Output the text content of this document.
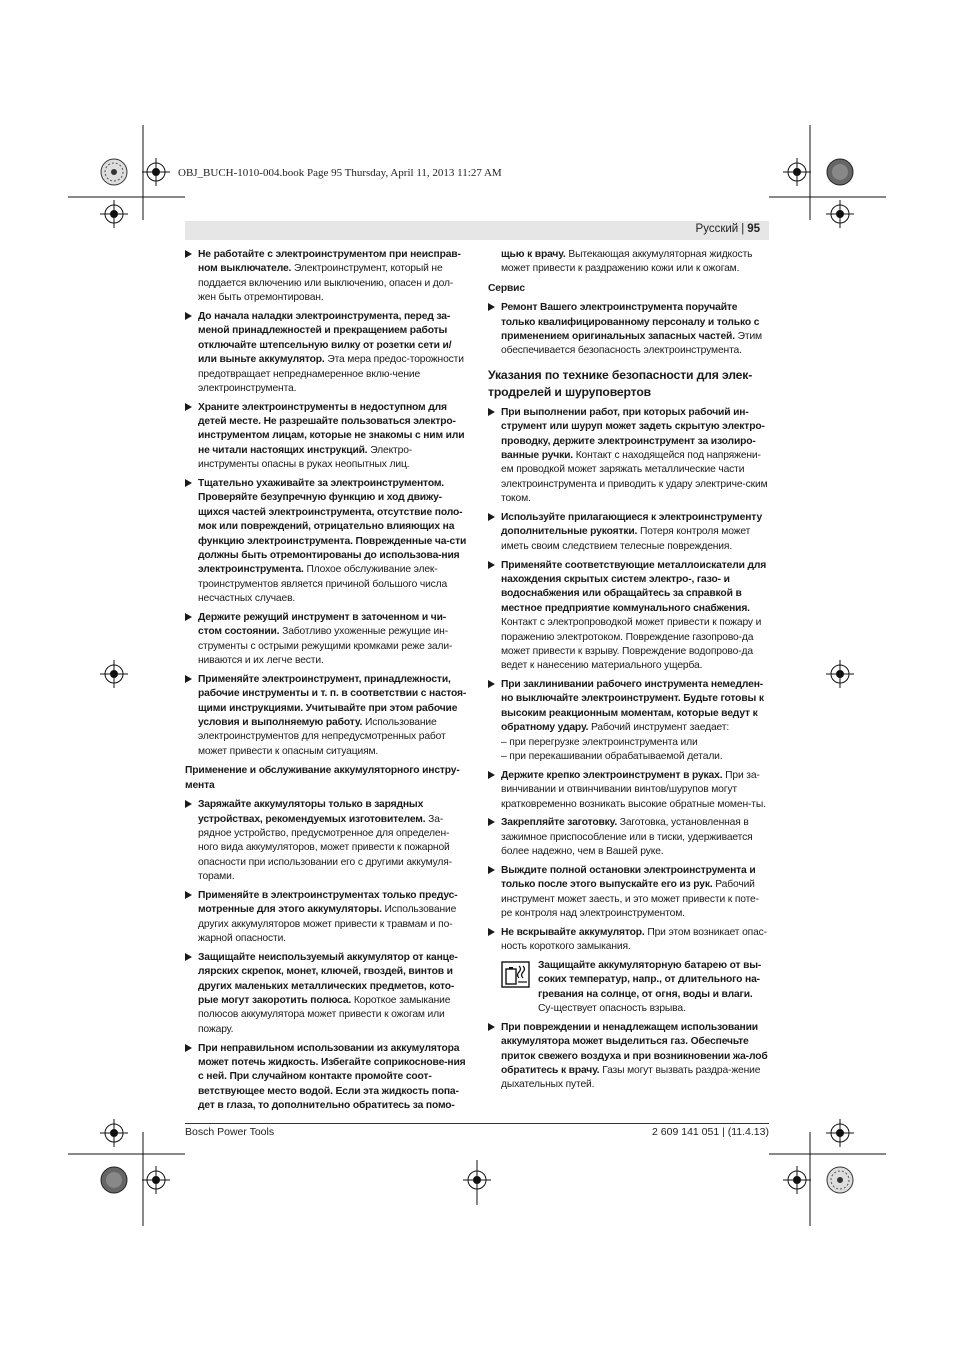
OBJ_BUCH-1010-004.book Page 95 Thursday, April 11, 2013 11:27 AM
Русский | 95
Не работайте с электроинструментом при неисправ-ном выключателе. Электроинструмент, который не поддается включению или выключению, опасен и дол-жен быть отремонтирован.
До начала наладки электроинструмента, перед за-меной принадлежностей и прекращением работы отключайте штепсельную вилку от розетки сети и/или выньте аккумулятор. Эта мера предос-торожности предотвращает непреднамеренное вклю-чение электроинструмента.
Храните электроинструменты в недоступном для детей месте. Не разрешайте пользоваться электро-инструментом лицам, которые не знакомы с ним или не читали настоящих инструкций. Электро-инструменты опасны в руках неопытных лиц.
Тщательно ухаживайте за электроинструментом. Проверяйте безупречную функцию и ход движу-щихся частей электроинструмента, отсутствие поло-мок или повреждений, отрицательно влияющих на функцию электроинструмента. Поврежденные ча-сти должны быть отремонтированы до использова-ния электроинструмента. Плохое обслуживание элек-троинструментов является причиной большого числа несчастных случаев.
Держите режущий инструмент в заточенном и чи-стом состоянии. Заботливо ухоженные режущие ин-струменты с острыми режущими кромками реже зали-ниваются и их легче вести.
Применяйте электроинструмент, принадлежности, рабочие инструменты и т. п. в соответствии с настоя-щими инструкциями. Учитывайте при этом рабочие условия и выполняемую работу. Использование электроинструментов для непредусмотренных работ может привести к опасным ситуациям.
Применение и обслуживание аккумуляторного инстру-мента
Заряжайте аккумуляторы только в зарядных устройствах, рекомендуемых изготовителем. За-рядное устройство, предусмотренное для определен-ного вида аккумуляторов, может привести к пожарной опасности при использовании его с другими аккумуля-торами.
Применяйте в электроинструментах только предус-мотренные для этого аккумуляторы. Использование других аккумуляторов может привести к травмам и по-жарной опасности.
Защищайте неиспользуемый аккумулятор от канце-лярских скрепок, монет, ключей, гвоздей, винтов и других маленьких металлических предметов, кото-рые могут закоротить полюса. Короткое замыкание полюсов аккумулятора может привести к ожогам или пожару.
При неправильном использовании из аккумулятора может потечь жидкость. Избегайте соприкоснове-ния с ней. При случайном контакте промойте соот-ветствующее место водой. Если эта жидкость попа-дет в глаза, то дополнительно обратитесь за помо-
щью к врачу. Вытекающая аккумуляторная жидкость может привести к раздражению кожи или к ожогам.
Сервис
Ремонт Вашего электроинструмента поручайте только квалифицированному персоналу и только с применением оригинальных запасных частей. Этим обеспечивается безопасность электроинструмента.
Указания по технике безопасности для элек-тродрелей и шуруповертов
При выполнении работ, при которых рабочий ин-струмент или шуруп может задеть скрытую электро-проводку, держите электроинструмент за изолиро-ванные ручки. Контакт с находящейся под напряжени-ем проводкой может заряжать металлические части электроинструмента и приводить к удару электриче-ским током.
Используйте прилагающиеся к электроинструменту дополнительные рукоятки. Потеря контроля может иметь своим следствием телесные повреждения.
Применяйте соответствующие металлоискатели для нахождения скрытых систем электро-, газо- и водоснабжения или обращайтесь за справкой в местное предприятие коммунального снабжения. Контакт с электропроводкой может привести к пожару и поражению электротоком. Повреждение газопрово-да может привести к взрыву. Повреждение водопрово-да ведет к нанесению материального ущерба.
При заклинивании рабочего инструмента немедлен-но выключайте электроинструмент. Будьте готовы к высоким реакционным моментам, которые ведут к обратному удару. Рабочий инструмент заедает:
– при перегрузке электроинструмента или
– при перекашивании обрабатываемой детали.
Держите крепко электроинструмент в руках. При за-винчивании и отвинчивании винтов/шурупов могут кратковременно возникать высокие обратные момен-ты.
Закрепляйте заготовку. Заготовка, установленная в зажимное приспособление или в тиски, удерживается более надежно, чем в Вашей руке.
Выждите полной остановки электроинструмента и только после этого выпускайте его из рук. Рабочий инструмент может заесть, и это может привести к поте-ре контроля над электроинструментом.
Не вскрывайте аккумулятор. При этом возникает опас-ность короткого замыкания.
Защищайте аккумуляторную батарею от вы-соких температур, напр., от длительного на-гревания на солнце, от огня, воды и влаги. Су-ществует опасность взрыва.
При повреждении и ненадлежащем использовании аккумулятора может выделиться газ. Обеспечьте приток свежего воздуха и при возникновении жа-лоб обратитесь к врачу. Газы могут вызвать раздра-жение дыхательных путей.
Bosch Power Tools	2 609 141 051 | (11.4.13)
